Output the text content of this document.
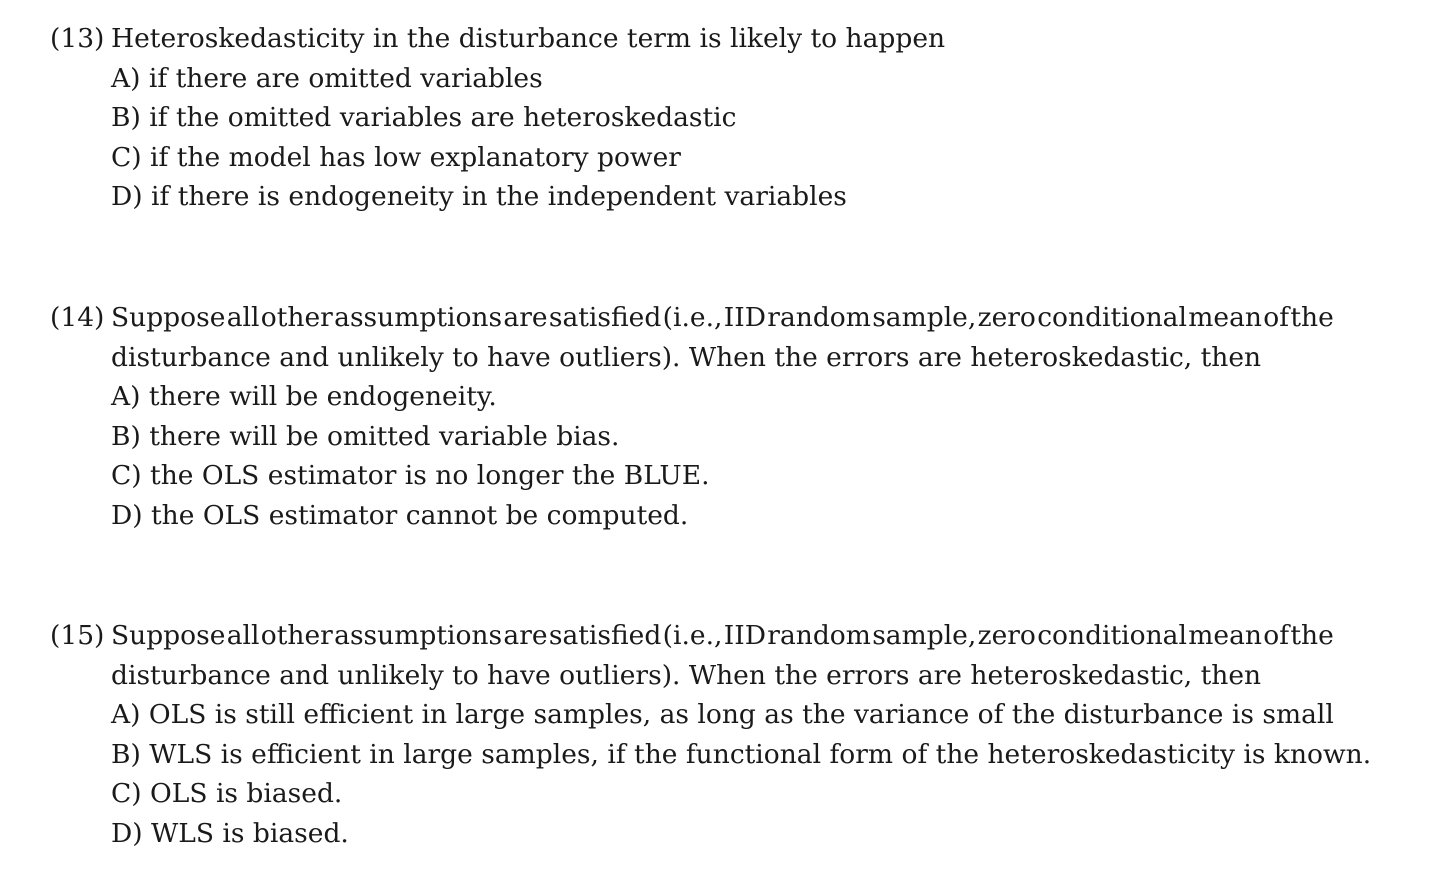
(13) Heteroskedasticity in the disturbance term is likely to happen
A) if there are omitted variables
B) if the omitted variables are heteroskedastic
C) if the model has low explanatory power
D) if there is endogeneity in the independent variables
(14) Suppose all other assumptions are satisfied (i.e., IID random sample, zero conditional mean of the
disturbance and unlikely to have outliers). When the errors are heteroskedastic, then
A) there will be endogeneity.
B) there will be omitted variable bias.
C) the OLS estimator is no longer the BLUE.
D) the OLS estimator cannot be computed.
(15) Suppose all other assumptions are satisfied (i.e., IID random sample, zero conditional mean of the
disturbance and unlikely to have outliers). When the errors are heteroskedastic, then
A) OLS is still efficient in large samples, as long as the variance of the disturbance is small
B) WLS is efficient in large samples, if the functional form of the heteroskedasticity is known.
C) OLS is biased.
D) WLS is biased.
